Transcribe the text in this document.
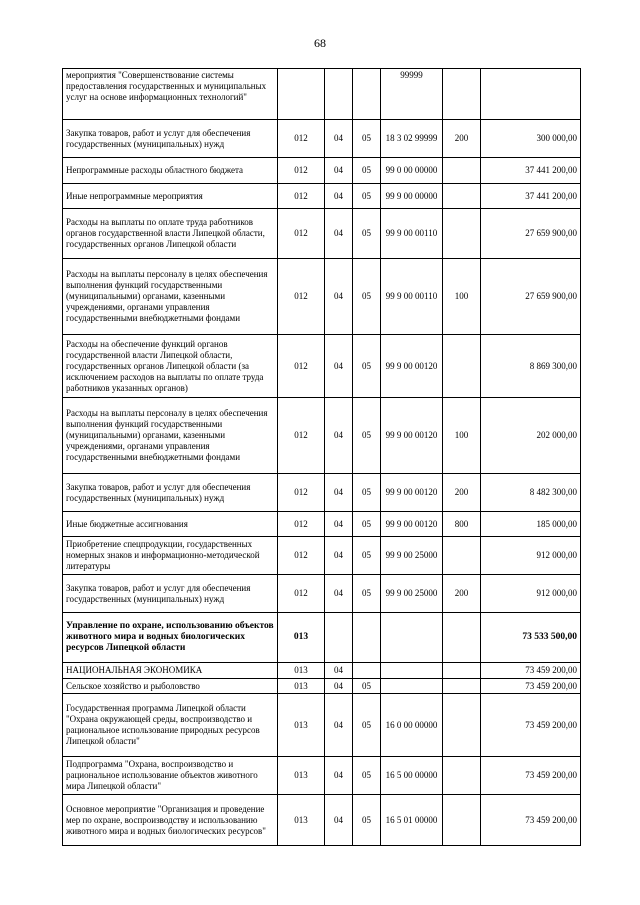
68
мероприятия "Совершенствование системы предоставления государственных и муниципальных услуг на основе информационных технологий"				99999		
Закупка товаров, работ и услуг для обеспечения государственных (муниципальных) нужд	012	04	05	18 3 02 99999	200	300 000,00
Непрограммные расходы областного бюджета	012	04	05	99 0 00 00000		37 441 200,00
Иные непрограммные мероприятия	012	04	05	99 9 00 00000		37 441 200,00
Расходы на выплаты по оплате труда работников органов государственной власти Липецкой области, государственных органов Липецкой области	012	04	05	99 9 00 00110		27 659 900,00
Расходы на выплаты персоналу в целях обеспечения выполнения функций государственными (муниципальными) органами, казенными учреждениями, органами управления государственными внебюджетными фондами	012	04	05	99 9 00 00110	100	27 659 900,00
Расходы на обеспечение функций органов государственной власти Липецкой области, государственных органов Липецкой области (за исключением расходов на выплаты по оплате труда работников указанных органов)	012	04	05	99 9 00 00120		8 869 300,00
Расходы на выплаты персоналу в целях обеспечения выполнения функций государственными (муниципальными) органами, казенными учреждениями, органами управления государственными внебюджетными фондами	012	04	05	99 9 00 00120	100	202 000,00
Закупка товаров, работ и услуг для обеспечения государственных (муниципальных) нужд	012	04	05	99 9 00 00120	200	8 482 300,00
Иные бюджетные ассигнования	012	04	05	99 9 00 00120	800	185 000,00
Приобретение спецпродукции, государственных номерных знаков и информационно-методической литературы	012	04	05	99 9 00 25000		912 000,00
Закупка товаров, работ и услуг для обеспечения государственных (муниципальных) нужд	012	04	05	99 9 00 25000	200	912 000,00
Управление по охране, использованию объектов животного мира и водных биологических ресурсов Липецкой области	013					73 533 500,00
НАЦИОНАЛЬНАЯ ЭКОНОМИКА	013	04				73 459 200,00
Сельское хозяйство и рыболовство	013	04	05			73 459 200,00
Государственная программа Липецкой области "Охрана окружающей среды, воспроизводство и рациональное использование природных ресурсов Липецкой области"	013	04	05	16 0 00 00000		73 459 200,00
Подпрограмма "Охрана, воспроизводство и рациональное использование объектов животного мира Липецкой области"	013	04	05	16 5 00 00000		73 459 200,00
Основное мероприятие "Организация и проведение мер по охране, воспроизводству и использованию животного мира и водных биологических ресурсов"	013	04	05	16 5 01 00000		73 459 200,00
